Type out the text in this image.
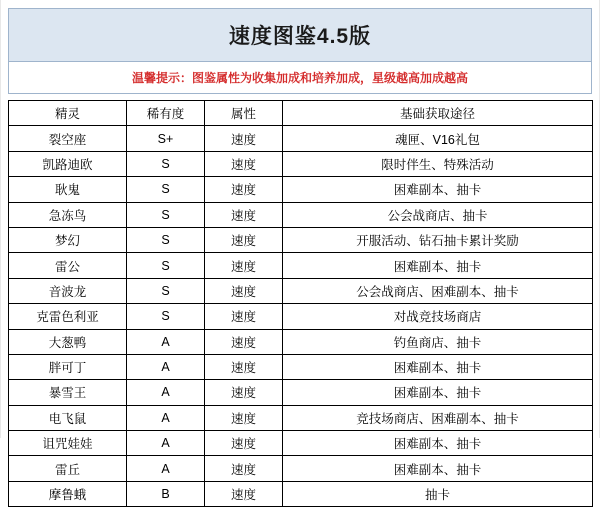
速度图鉴4.5版
温馨提示：图鉴属性为收集加成和培养加成，星级越高加成越高
精灵	稀有度	属性	基础获取途径
裂空座	S+	速度	魂匣、V16礼包
凯路迪欧	S	速度	限时伴生、特殊活动
耿鬼	S	速度	困难副本、抽卡
急冻鸟	S	速度	公会战商店、抽卡
梦幻	S	速度	开服活动、钻石抽卡累计奖励
雷公	S	速度	困难副本、抽卡
音波龙	S	速度	公会战商店、困难副本、抽卡
克雷色利亚	S	速度	对战竞技场商店
大葱鸭	A	速度	钓鱼商店、抽卡
胖可丁	A	速度	困难副本、抽卡
暴雪王	A	速度	困难副本、抽卡
电飞鼠	A	速度	竞技场商店、困难副本、抽卡
诅咒娃娃	A	速度	困难副本、抽卡
雷丘	A	速度	困难副本、抽卡
摩鲁蛾	B	速度	抽卡
